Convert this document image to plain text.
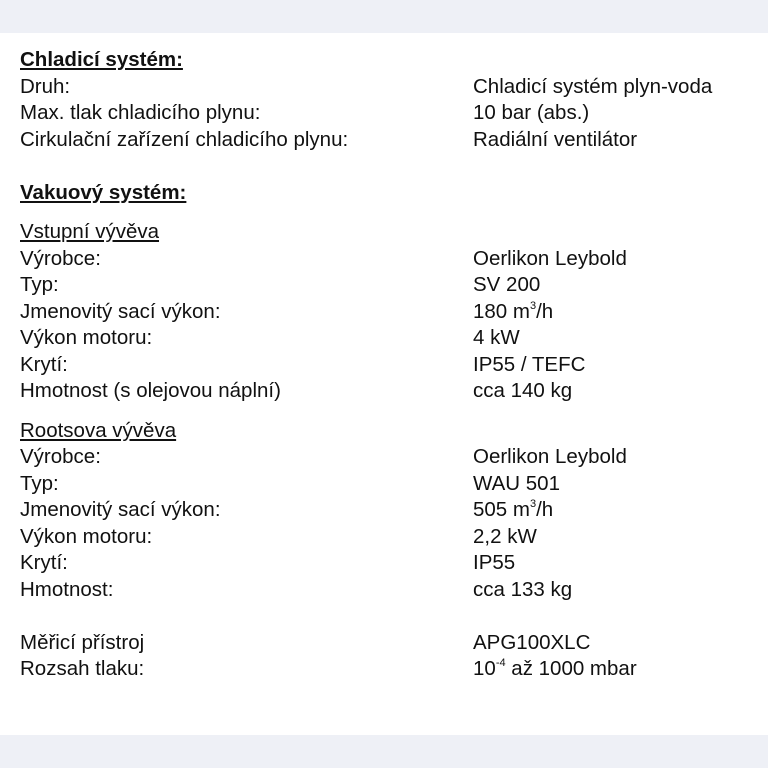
Chladicí systém:
Druh:	Chladicí systém plyn-voda
Max. tlak chladicího plynu:	10 bar (abs.)
Cirkulační zařízení chladicího plynu:	Radiální ventilátor
Vakuový systém:
Vstupní vývěva
Výrobce:	Oerlikon Leybold
Typ:	SV 200
Jmenovitý sací výkon:	180 $m^3/h$
Výkon motoru:	4 kW
Krytí:	IP55 / TEFC
Hmotnost (s olejovou náplní)	cca 140 kg
Rootsova vývěva
Výrobce:	Oerlikon Leybold
Typ:	WAU 501
Jmenovitý sací výkon:	505 $m^3/h$
Výkon motoru:	2,2 kW
Krytí:	IP55
Hmotnost:	cca 133 kg
Měřicí přístroj	APG100XLC
Rozsah tlaku:	$10^{-4}$ až 1000 mbar
